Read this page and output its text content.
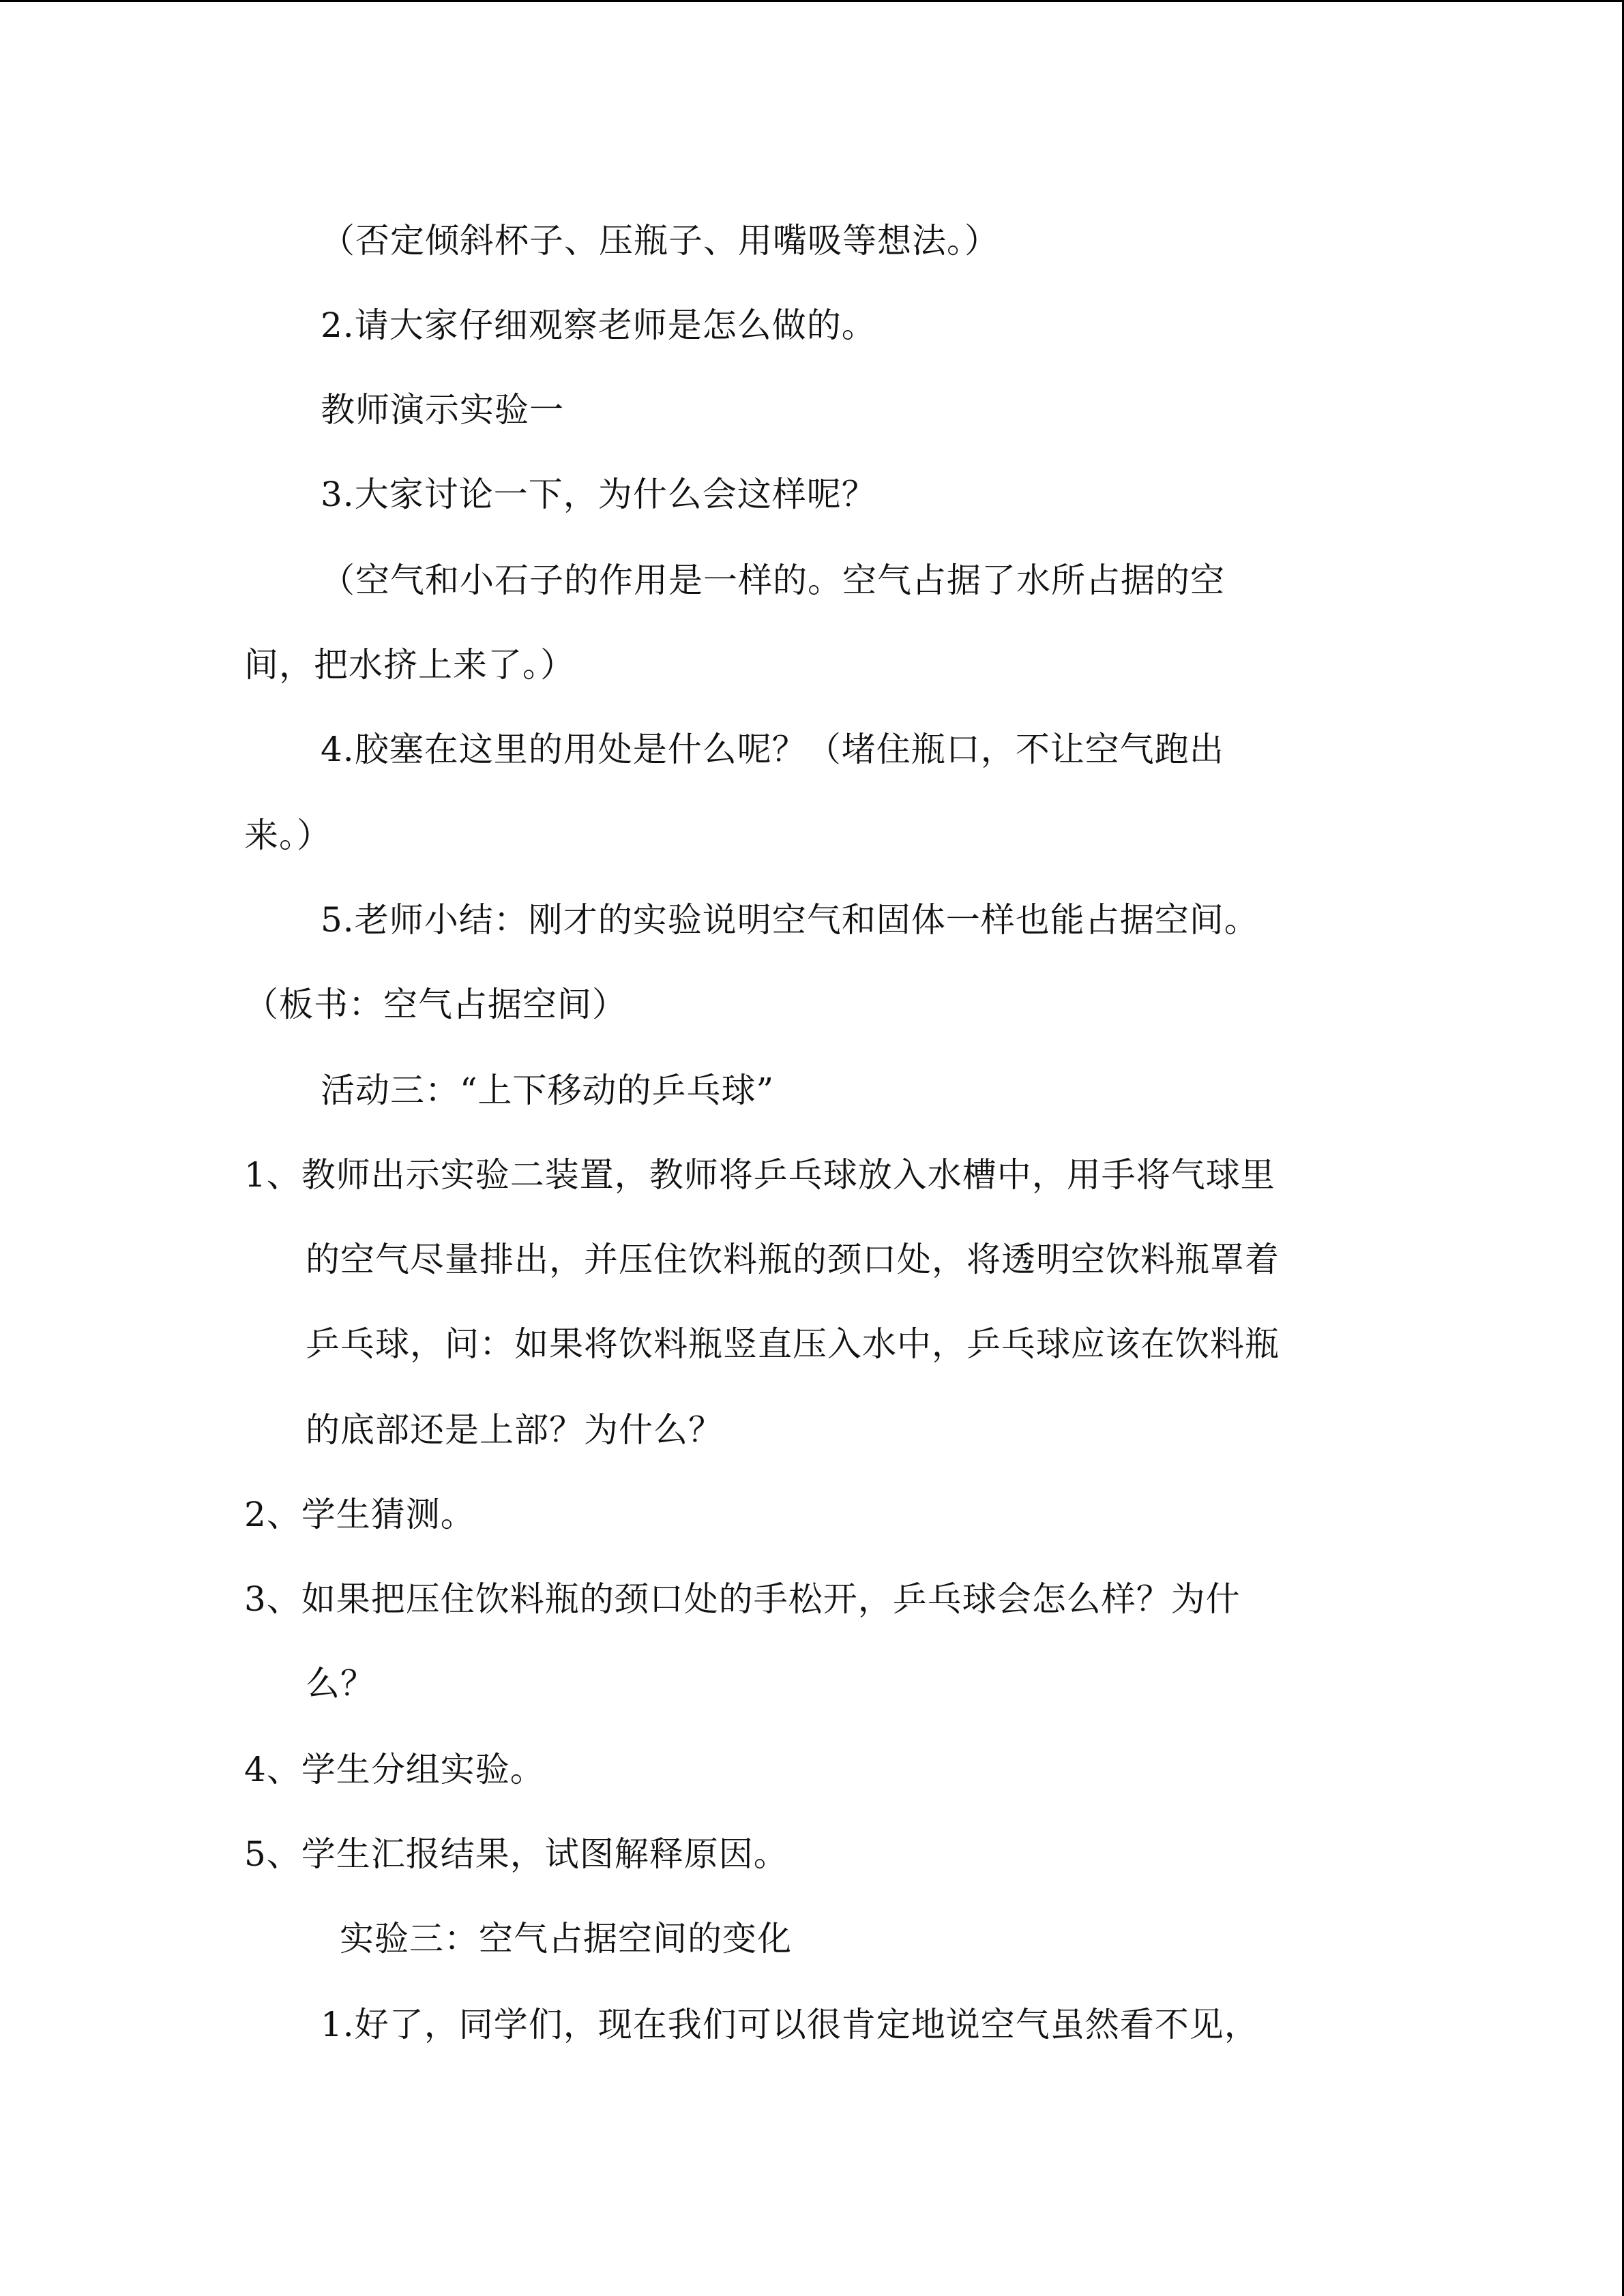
（否定倾斜杯子、压瓶子、用嘴吸等想法。）
2.请大家仔细观察老师是怎么做的。
教师演示实验一
3.大家讨论一下，为什么会这样呢？
（空气和小石子的作用是一样的。空气占据了水所占据的空
间，把水挤上来了。）
4.胶塞在这里的用处是什么呢？（堵住瓶口，不让空气跑出
来。）
5.老师小结：刚才的实验说明空气和固体一样也能占据空间。
（板书：空气占据空间）
活动三：“上下移动的乒乓球”
1、教师出示实验二装置，教师将乒乓球放入水槽中，用手将气球里
的空气尽量排出，并压住饮料瓶的颈口处，将透明空饮料瓶罩着
乒乓球，问：如果将饮料瓶竖直压入水中，乒乓球应该在饮料瓶
的底部还是上部？为什么？
2、学生猜测。
3、如果把压住饮料瓶的颈口处的手松开，乒乓球会怎么样？为什
么？
4、学生分组实验。
5、学生汇报结果，试图解释原因。
实验三：空气占据空间的变化
1.好了，同学们，现在我们可以很肯定地说空气虽然看不见，
